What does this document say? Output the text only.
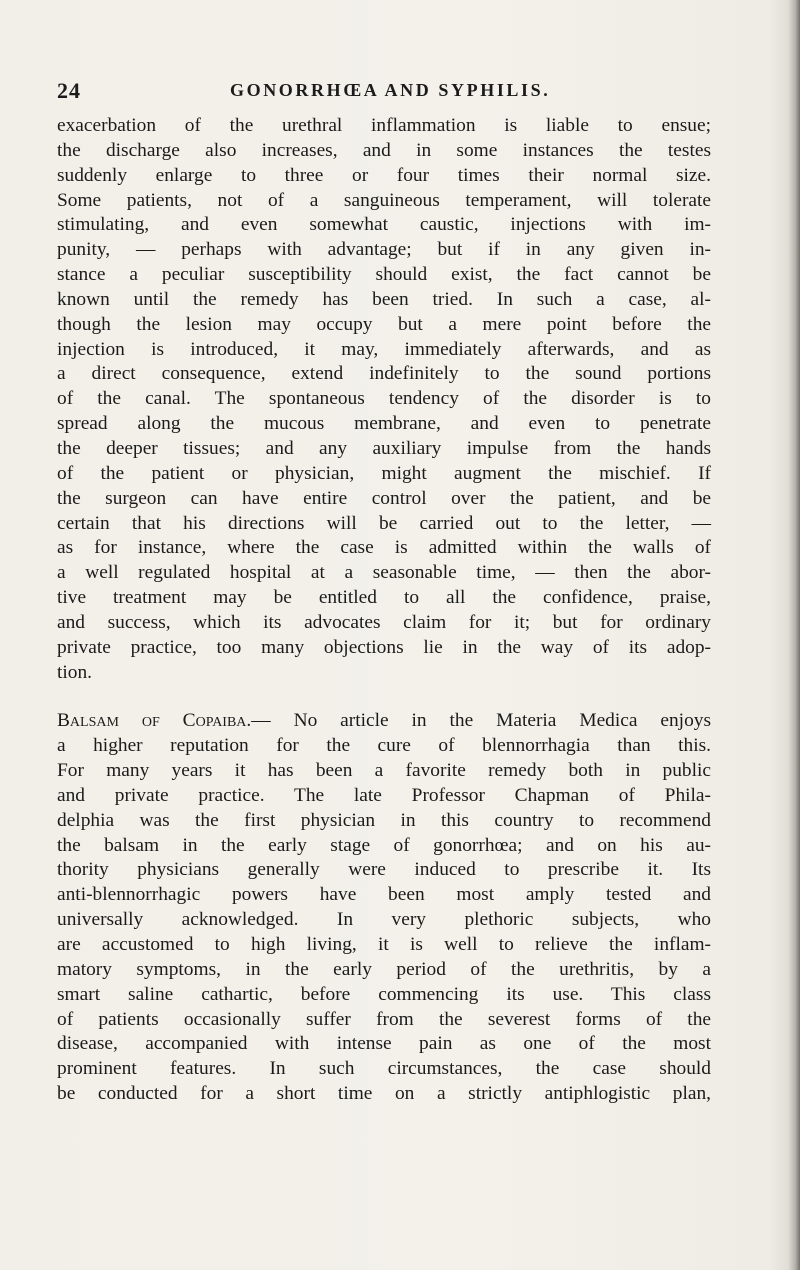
24	GONORRHŒA AND SYPHILIS.
exacerbation of the urethral inflammation is liable to ensue;
the discharge also increases, and in some instances the testes
suddenly enlarge to three or four times their normal size.
Some patients, not of a sanguineous temperament, will tolerate
stimulating, and even somewhat caustic, injections with im-
punity, — perhaps with advantage; but if in any given in-
stance a peculiar susceptibility should exist, the fact cannot be
known until the remedy has been tried. In such a case, al-
though the lesion may occupy but a mere point before the
injection is introduced, it may, immediately afterwards, and as
a direct consequence, extend indefinitely to the sound portions
of the canal. The spontaneous tendency of the disorder is to
spread along the mucous membrane, and even to penetrate
the deeper tissues; and any auxiliary impulse from the hands
of the patient or physician, might augment the mischief. If
the surgeon can have entire control over the patient, and be
certain that his directions will be carried out to the letter, —
as for instance, where the case is admitted within the walls of
a well regulated hospital at a seasonable time, — then the abor-
tive treatment may be entitled to all the confidence, praise,
and success, which its advocates claim for it; but for ordinary
private practice, too many objections lie in the way of its adop-
tion.
Balsam of Copaiba.— No article in the Materia Medica enjoys
a higher reputation for the cure of blennorrhagia than this.
For many years it has been a favorite remedy both in public
and private practice. The late Professor Chapman of Phila-
delphia was the first physician in this country to recommend
the balsam in the early stage of gonorrhœa; and on his au-
thority physicians generally were induced to prescribe it. Its
anti-blennorrhagic powers have been most amply tested and
universally acknowledged. In very plethoric subjects, who
are accustomed to high living, it is well to relieve the inflam-
matory symptoms, in the early period of the urethritis, by a
smart saline cathartic, before commencing its use. This class
of patients occasionally suffer from the severest forms of the
disease, accompanied with intense pain as one of the most
prominent features. In such circumstances, the case should
be conducted for a short time on a strictly antiphlogistic plan,
